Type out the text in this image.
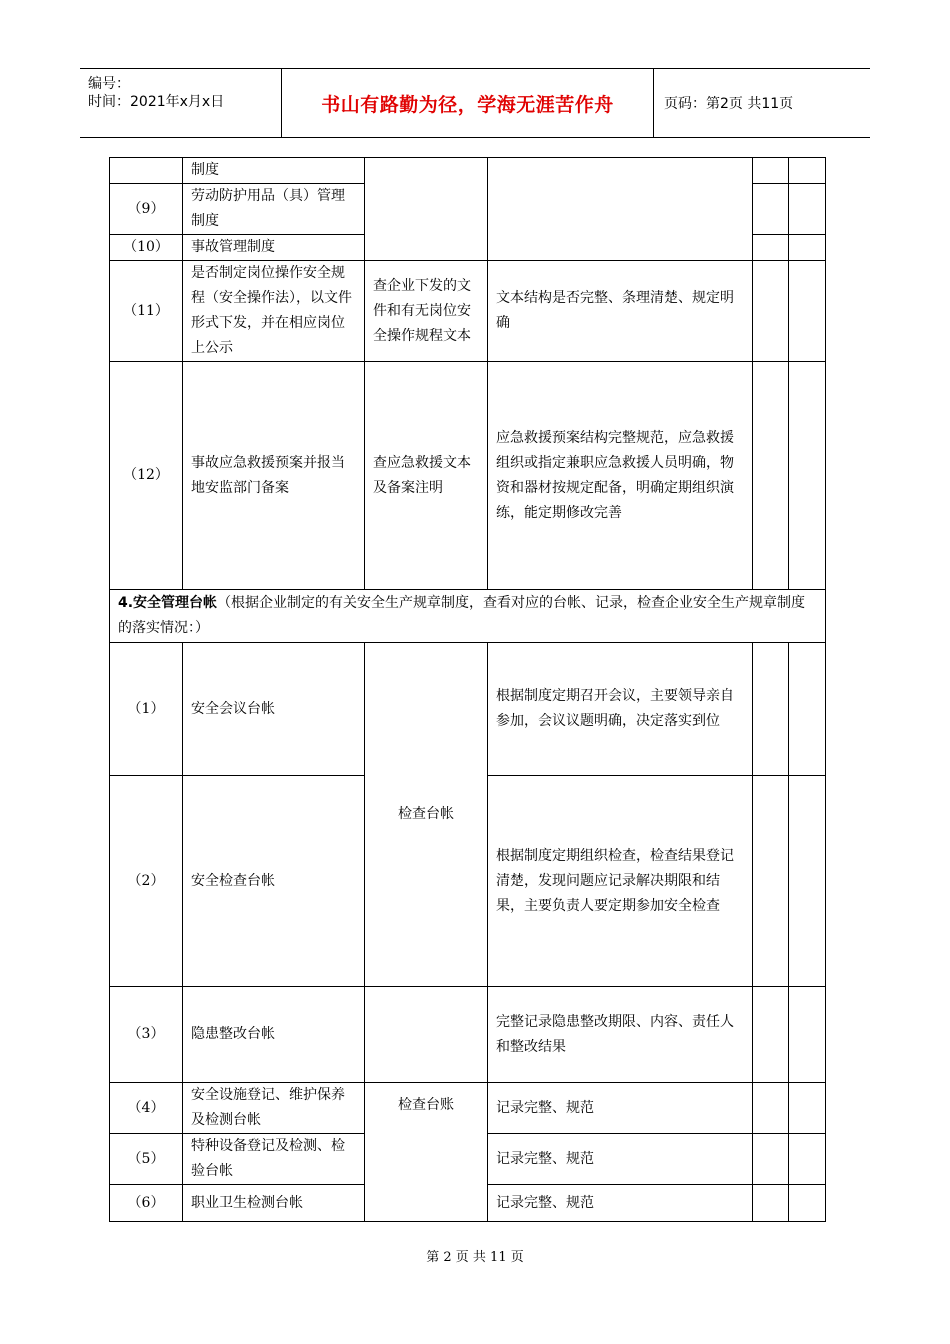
编号：
时间：2021年x月x日	书山有路勤为径，学海无涯苦作舟	页码：第2页 共11页
	制度				
（9）	劳动防护用品（具）管理制度				
（10）	事故管理制度				
（11）	是否制定岗位操作安全规程（安全操作法），以文件形式下发，并在相应岗位上公示	查企业下发的文件和有无岗位安全操作规程文本	文本结构是否完整、条理清楚、规定明确		
（12）	事故应急救援预案并报当地安监部门备案	查应急救援文本及备案注明	应急救援预案结构完整规范，应急救援组织或指定兼职应急救援人员明确，物资和器材按规定配备，明确定期组织演练，能定期修改完善		
4.安全管理台帐（根据企业制定的有关安全生产规章制度，查看对应的台帐、记录，检查企业安全生产规章制度的落实情况：）					
（1）	安全会议台帐	检查台帐	根据制度定期召开会议，主要领导亲自参加，会议议题明确，决定落实到位		
（2）	安全检查台帐		根据制度定期组织检查，检查结果登记清楚，发现问题应记录解决期限和结果，主要负责人要定期参加安全检查		
（3）	隐患整改台帐		完整记录隐患整改期限、内容、责任人和整改结果		
（4）	安全设施登记、维护保养及检测台帐	检查台账	记录完整、规范		
（5）	特种设备登记及检测、检验台帐		记录完整、规范		
（6）	职业卫生检测台帐		记录完整、规范		
第 2 页 共 11 页
